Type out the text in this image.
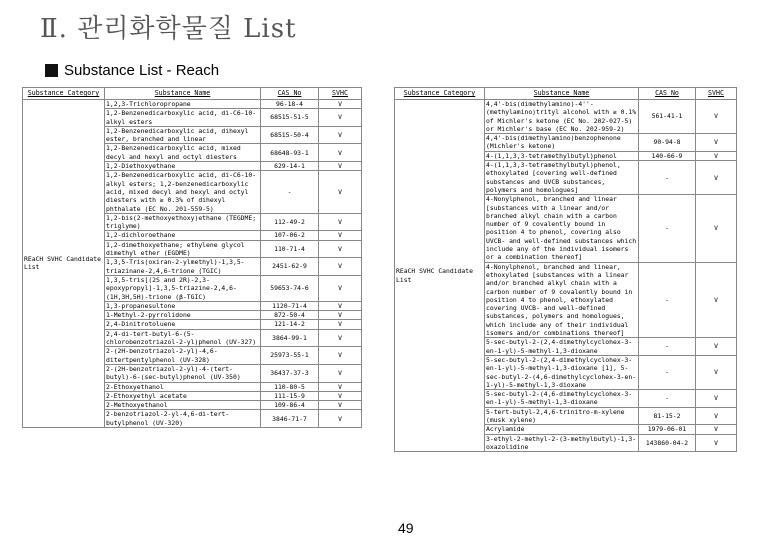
Ⅱ. 관리화학물질 List
Substance List - Reach
Substance Category	Substance Name	CAS No	SVHC
REaCH SVHC Candidate List	1,2,3-Trichloropropane	96-18-4	V
	1,2-Benzenedicarboxylic acid, di-C6-10-alkyl esters	68515-51-5	V
	1,2-Benzenedicarboxylic acid, dihexyl ester, branched and linear	68515-50-4	V
	1,2-Benzenedicarboxylic acid, mixed decyl and hexyl and octyl diesters	68648-93-1	V
	1,2-Diethoxyethane	629-14-1	V
	1,2-Benzenedicarboxylic acid, di-C6-10-alkyl esters; 1,2-benzenedicarboxylic acid, mixed decyl and hexyl and octyl diesters with ≥ 0.3% of dihexyl phthalate (EC No. 201-559-5)	-	V
	1,2-bis(2-methoxyethoxy)ethane (TEGDME; triglyme)	112-49-2	V
	1,2-dichloroethane	107-06-2	V
	1,2-dimethoxyethane; ethylene glycol dimethyl ether (EGDME)	110-71-4	V
	1,3,5-Tris(oxiran-2-ylmethyl)-1,3,5-triazinane-2,4,6-trione (TGIC)	2451-62-9	V
	1,3,5-tris[(2S and 2R)-2,3-epoxypropyl]-1,3,5-triazine-2,4,6-(1H,3H,5H)-trione (β-TGIC)	59653-74-6	V
	1,3-propanesultone	1120-71-4	V
	1-Methyl-2-pyrrolidone	872-50-4	V
	2,4-Dinitrotoluene	121-14-2	V
	2,4-di-tert-butyl-6-(5-chlorobenzotriazol-2-yl)phenol (UV-327)	3864-99-1	V
	2-(2H-benzotriazol-2-yl)-4,6-ditertpentylphenol (UV-328)	25973-55-1	V
	2-(2H-benzotriazol-2-yl)-4-(tert-butyl)-6-(sec-butyl)phenol (UV-350)	36437-37-3	V
	2-Ethoxyethanol	110-80-5	V
	2-Ethoxyethyl acetate	111-15-9	V
	2-Methoxyethanol	109-86-4	V
	2-benzotriazol-2-yl-4,6-di-tert-butylphenol (UV-320)	3846-71-7	V
Substance Category	Substance Name	CAS No	SVHC
REaCH SVHC Candidate List	4,4'-bis(dimethylamino)-4''-(methylamino)trityl alcohol with ≥ 0.1% of Michler's ketone (EC No. 202-027-5) or Michler's base (EC No. 202-959-2)	561-41-1	V
	4,4'-bis(dimethylamino)benzophenone (Michler's ketone)	90-94-8	V
	4-(1,1,3,3-tetramethylbutyl)phenol	140-66-9	V
	4-(1,1,3,3-tetramethylbutyl)phenol, ethoxylated [covering well-defined substances and UVCB substances, polymers and homologues]	-	V
	4-Nonylphenol, branched and linear [substances with a linear and/or branched alkyl chain with a carbon number of 9 covalently bound in position 4 to phenol, covering also UVCB- and well-defined substances which include any of the individual isomers or a combination thereof]	-	V
	4-Nonylphenol, branched and linear, ethoxylated [substances with a linear and/or branched alkyl chain with a carbon number of 9 covalently bound in position 4 to phenol, ethoxylated covering UVCB- and well-defined substances, polymers and homologues, which include any of their individual isomers and/or combinations thereof]	-	V
	5-sec-butyl-2-(2,4-dimethylcyclohex-3-en-1-yl)-5-methyl-1,3-dioxane	-	V
	5-sec-butyl-2-(2,4-dimethylcyclohex-3-en-1-yl)-5-methyl-1,3-dioxane [1], 5-sec-butyl-2-(4,6-dimethylcyclohex-3-en-1-yl)-5-methyl-1,3-dioxane	-	V
	5-sec-butyl-2-(4,6-dimethylcyclohex-3-en-1-yl)-5-methyl-1,3-dioxane	-	V
	5-tert-butyl-2,4,6-trinitro-m-xylene (musk xylene)	81-15-2	V
	Acrylamide	1979-06-01	V
	3-ethyl-2-methyl-2-(3-methylbutyl)-1,3-oxazolidine	143860-04-2	V
49
